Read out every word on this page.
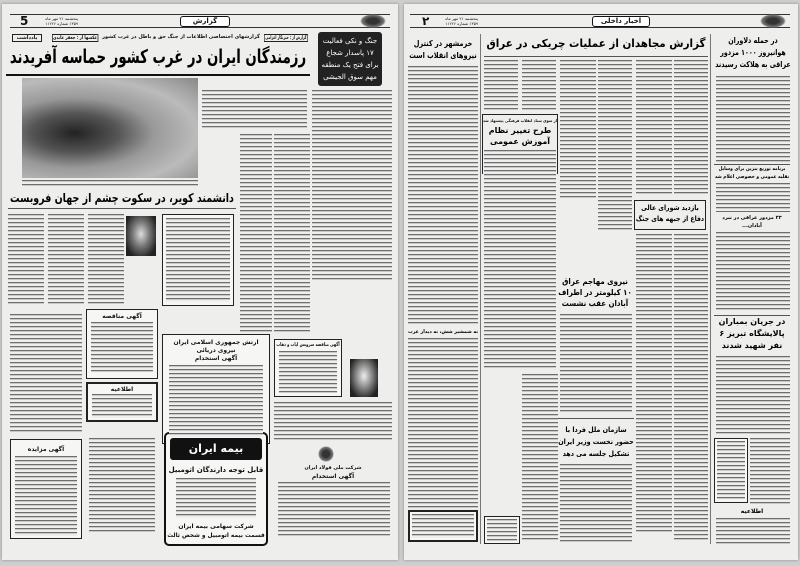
5	پنجشنبه ۲۱ مهر ماه ۱۳۵۹ شماره ۱۱۲۲۶	گزارش
یادداشت	عکسها از : جعفر عابدی گزارشهای اختصاصی اطلاعات از جنگ حق و باطل در غرب کشور گزارش از : خبرنگار اعزامی
رزمندگان ایران در غرب کشور حماسه آفریدند
جنگ و نکی فعالیت ۱۷ پاسدار شجاع برای فتح یک منطقه مهم سوق الجیشی
دانشمند کویر، در سکوت چشم از جهان فروبست
آگهی مناقصه
اطلاعیه
ارتش جمهوری اسلامی ایران
نیروی دریائی
آگهی استخدام
آگهی مناقصه سرویس ایاب و ذهاب
آگهی مزایده	بیمه ایران
قابل توجه دارندگان اتومبیل
شرکت سهامی بیمه ایران
قسمت بیمه اتومبیل و شخص ثالث
شرکت ملی فولاد ایران
آگهی استخدام
۲	پنجشنبه ۲۱ مهر ماه ۱۳۵۹ شماره ۱۱۲۲۶	اخبار داخلی
در حمله دلاوران هوانیروز ۱۰۰۰ مزدور عراقی به هلاکت رسیدند
برنامه توزیع بنزین برای وسایل نقلیه عمومی و خصوصی اعلام شد
۲۳ مزدور عراقی در نبرد آبادان...
در جریان بمباران پالایشگاه تبریز ۶ نفر شهید شدند
اطلاعیه
گزارش مجاهدان از عملیات چریکی در عراق
از سوی ستاد انقلاب فرهنگی پیشنهاد شد
طرح تغییر نظام آموزش عمومی
بازدید شورای عالی دفاع از جبهه های جنگ
نیروی مهاجم عراق ۱۰ کیلومتر در اطراف آبادان عقب نشست
سازمان ملل فردا با حضور نخست وزیر ایران تشکیل جلسه می دهد
خرمشهر در کنترل نیروهای انقلاب است
نه شمشیر شش، نه دیدار عرب
